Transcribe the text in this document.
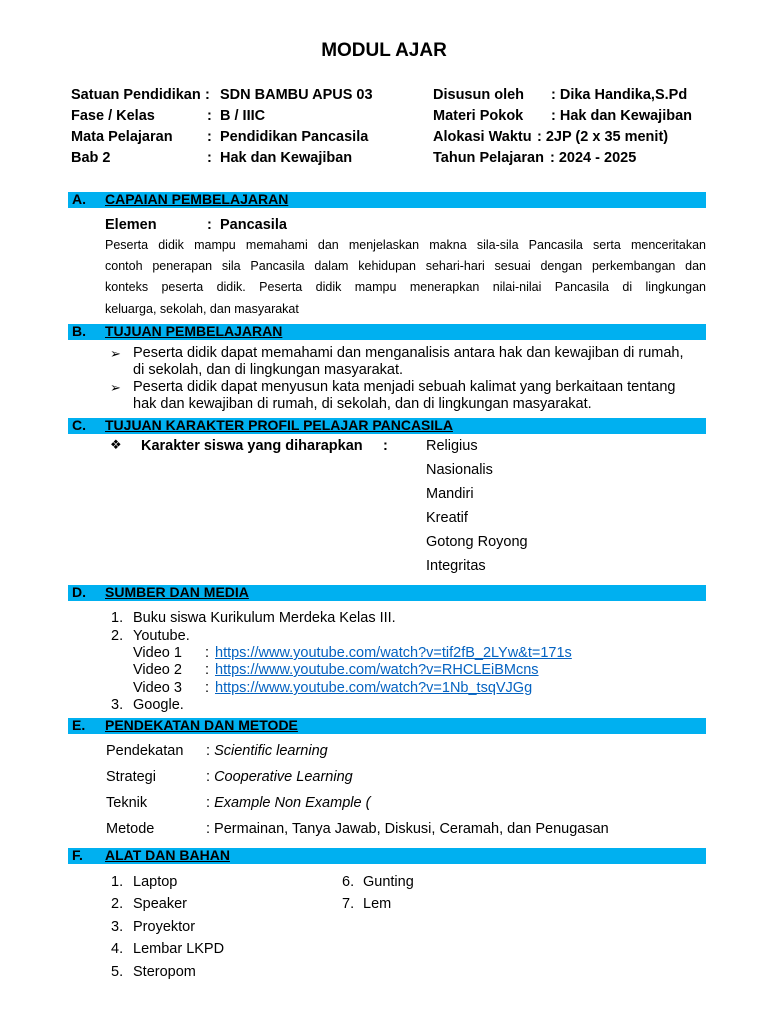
MODUL AJAR
Satuan Pendidikan : SDN BAMBU APUS 03
Fase / Kelas	: B / IIIC
Mata Pelajaran : Pendidikan Pancasila
Bab 2	: Hak dan Kewajiban
Disusun oleh : Dika Handika,S.Pd
Materi Pokok : Hak dan Kewajiban
Alokasi Waktu : 2JP (2 x 35 menit)
Tahun Pelajaran : 2024 - 2025
A. CAPAIAN PEMBELAJARAN
Elemen	: Pancasila
Peserta didik mampu memahami dan menjelaskan makna sila-sila Pancasila serta menceritakan
contoh penerapan sila Pancasila dalam kehidupan sehari-hari sesuai dengan perkembangan dan
konteks peserta didik. Peserta didik mampu menerapkan nilai-nilai Pancasila di lingkungan
keluarga, sekolah, dan masyarakat
B. TUJUAN PEMBELAJARAN
➢ Peserta didik dapat memahami dan menganalisis antara hak dan kewajiban di rumah,
di sekolah, dan di lingkungan masyarakat.
➢ Peserta didik dapat menyusun kata menjadi sebuah kalimat yang berkaitaan tentang
hak dan kewajiban di rumah, di sekolah, dan di lingkungan masyarakat.
C. TUJUAN KARAKTER PROFIL PELAJAR PANCASILA
❖ Karakter siswa yang diharapkan :	Religius
Nasionalis
Mandiri
Kreatif
Gotong Royong
Integritas
D. SUMBER DAN MEDIA
1. Buku siswa Kurikulum Merdeka Kelas III.
2. Youtube.
Video 1 : https://www.youtube.com/watch?v=tif2fB_2LYw&t=171s
Video 2 : https://www.youtube.com/watch?v=RHCLEiBMcns
Video 3 : https://www.youtube.com/watch?v=1Nb_tsqVJGg
3. Google.
E. PENDEKATAN DAN METODE
Pendekatan : Scientific learning
Strategi	: Cooperative Learning
Teknik	: Example Non Example (
Metode	: Permainan, Tanya Jawab, Diskusi, Ceramah, dan Penugasan
F. ALAT DAN BAHAN
1. Laptop
2. Speaker
3. Proyektor
4. Lembar LKPD
5. Steropom
6. Gunting
7. Lem
